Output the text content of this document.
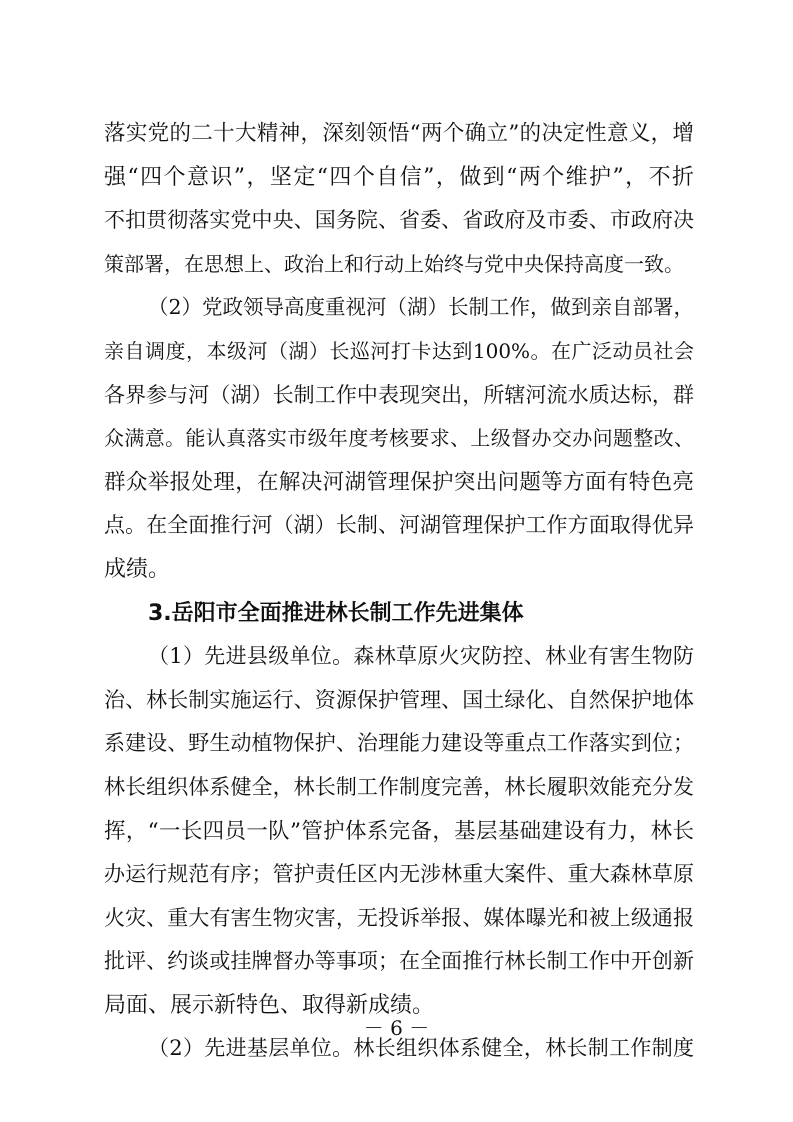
落实党的二十大精神，深刻领悟“两个确立”的决定性意义，增
强“四个意识”，坚定“四个自信”，做到“两个维护”，不折
不扣贯彻落实党中央、国务院、省委、省政府及市委、市政府决
策部署，在思想上、政治上和行动上始终与党中央保持高度一致。
（2）党政领导高度重视河（湖）长制工作，做到亲自部署，
亲自调度，本级河（湖）长巡河打卡达到100%。在广泛动员社会
各界参与河（湖）长制工作中表现突出，所辖河流水质达标，群
众满意。能认真落实市级年度考核要求、上级督办交办问题整改、
群众举报处理，在解决河湖管理保护突出问题等方面有特色亮
点。在全面推行河（湖）长制、河湖管理保护工作方面取得优异
成绩。
3.岳阳市全面推进林长制工作先进集体
（1）先进县级单位。森林草原火灾防控、林业有害生物防
治、林长制实施运行、资源保护管理、国土绿化、自然保护地体
系建设、野生动植物保护、治理能力建设等重点工作落实到位；
林长组织体系健全，林长制工作制度完善，林长履职效能充分发
挥，“一长四员一队”管护体系完备，基层基础建设有力，林长
办运行规范有序；管护责任区内无涉林重大案件、重大森林草原
火灾、重大有害生物灾害，无投诉举报、媒体曝光和被上级通报
批评、约谈或挂牌督办等事项；在全面推行林长制工作中开创新
局面、展示新特色、取得新成绩。
（2）先进基层单位。林长组织体系健全，林长制工作制度
－ 6 －
